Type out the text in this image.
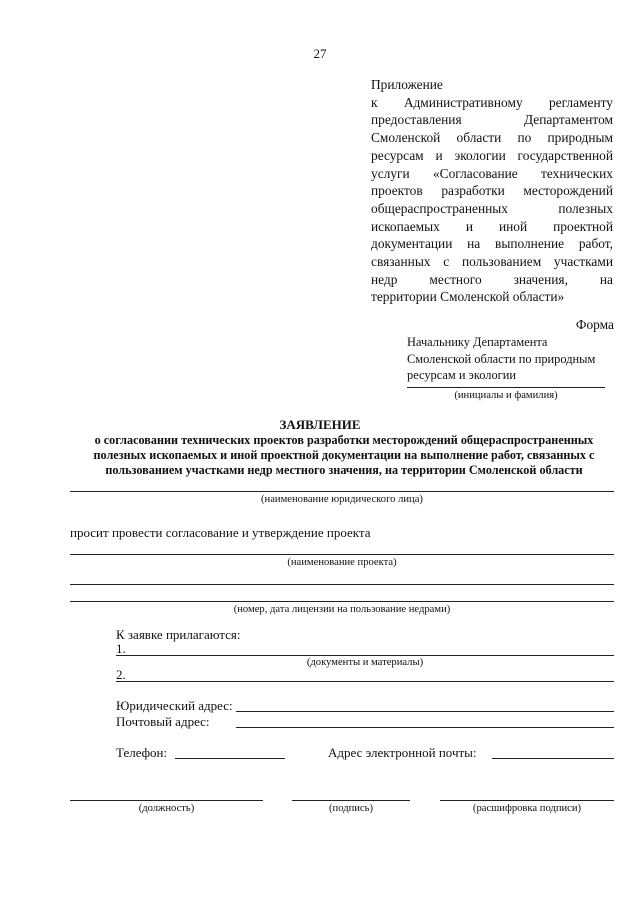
27
Приложение
к Административному регламенту
предоставления Департаментом
Смоленской области по природным
ресурсам и экологии государственной
услуги «Согласование технических
проектов разработки месторождений
общераспространенных полезных
ископаемых и иной проектной
документации на выполнение работ,
связанных с пользованием участками
недр местного значения, на
территории Смоленской области»
Форма
Начальнику Департамента
Смоленской области по природным
ресурсам и экологии
(инициалы и фамилия)
ЗАЯВЛЕНИЕ
о согласовании технических проектов разработки месторождений общераспространенных
полезных ископаемых и иной проектной документации на выполнение работ, связанных с
пользованием участками недр местного значения, на территории Смоленской области
(наименование юридического лица)
просит провести согласование и утверждение проекта
(наименование проекта)
(номер, дата лицензии на пользование недрами)
К заявке прилагаются:
1.
(документы и материалы)
2.
Юридический адрес:
Почтовый адрес:
Телефон:	Адрес электронной почты:
(должность)	(подпись)	(расшифровка подписи)
